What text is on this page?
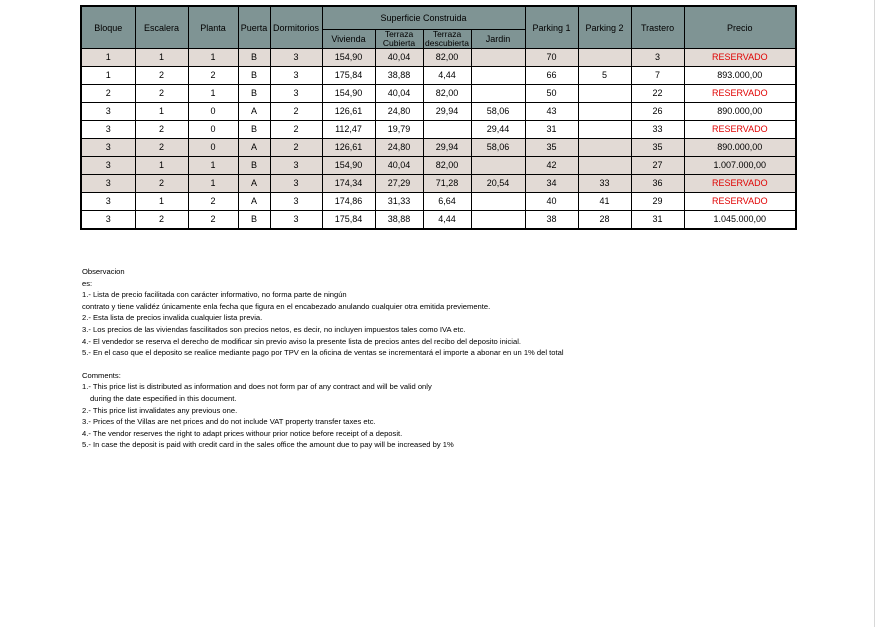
Bloque	Escalera	Planta	Puerta	Dormitorios	Superficie Construida				Parking 1	Parking 2	Trastero	Precio
					Vivienda	Terraza Cubierta	Terraza descubierta	Jardin				
1	1	1	B	3	154,90	40,04	82,00		70		3	RESERVADO
1	2	2	B	3	175,84	38,88	4,44		66	5	7	893.000,00
2	2	1	B	3	154,90	40,04	82,00		50		22	RESERVADO
3	1	0	A	2	126,61	24,80	29,94	58,06	43		26	890.000,00
3	2	0	B	2	112,47	19,79		29,44	31		33	RESERVADO
3	2	0	A	2	126,61	24,80	29,94	58,06	35		35	890.000,00
3	1	1	B	3	154,90	40,04	82,00		42		27	1.007.000,00
3	2	1	A	3	174,34	27,29	71,28	20,54	34	33	36	RESERVADO
3	1	2	A	3	174,86	31,33	6,64		40	41	29	RESERVADO
3	2	2	B	3	175,84	38,88	4,44		38	28	31	1.045.000,00

Observacion

es:

1.- Lista de precio facilitada con carácter informativo, no forma parte de ningún

contrato y tiene validéz únicamente enla fecha que figura en el encabezado anulando cualquier otra emitida previemente.

2.- Esta lista de precios invalida cualquier lista previa.

3.- Los precios de las viviendas fascilitados son precios netos, es decir, no incluyen impuestos tales como IVA etc.

4.- El vendedor se reserva el derecho de modificar sin previo aviso la presente lista de precios antes del recibo del deposito inicial.

5.- En el caso que el deposito se realice mediante pago por TPV en la oficina de ventas se incrementará el importe a abonar en un 1% del total

Comments:

1.- This price list is distributed as information and does not form par of any contract and will be valid only

during the date especified in this document.

2.- This price list invalidates any previous one.

3.- Prices of the Villas are net prices and do not include VAT property transfer taxes etc.

4.- The vendor reserves the right to adapt prices withour prior notice before receipt of a deposit.

5.- In case the deposit is paid with credit card in the sales office the amount due to pay will be increased by 1%
